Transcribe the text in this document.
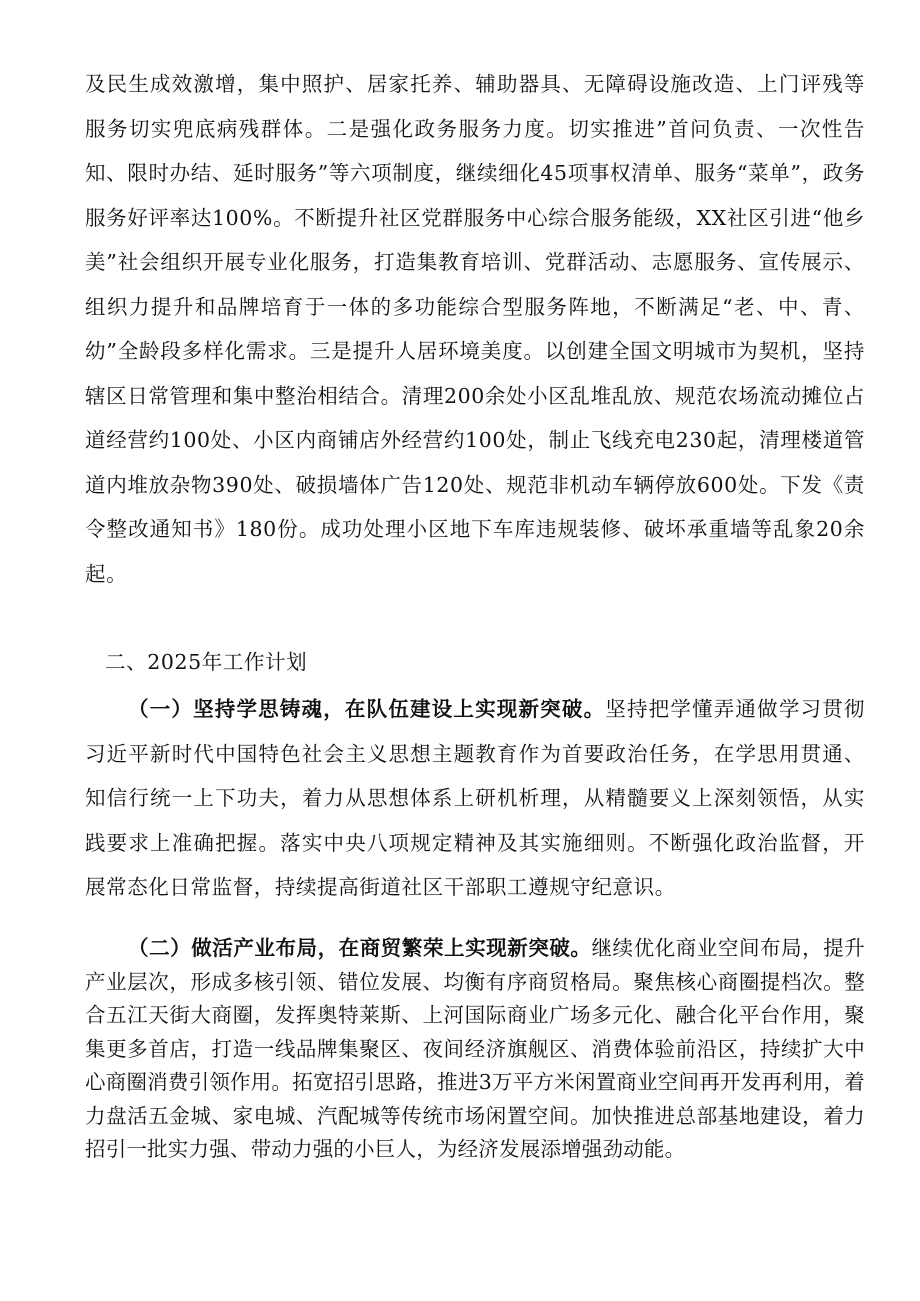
及民生成效激增，集中照护、居家托养、辅助器具、无障碍设施改造、上门评残等服务切实兜底病残群体。二是强化政务服务力度。切实推进”首问负责、一次性告知、限时办结、延时服务”等六项制度，继续细化45项事权清单、服务“菜单”，政务服务好评率达100%。不断提升社区党群服务中心综合服务能级，XX社区引进“他乡美”社会组织开展专业化服务，打造集教育培训、党群活动、志愿服务、宣传展示、组织力提升和品牌培育于一体的多功能综合型服务阵地，不断满足“老、中、青、幼”全龄段多样化需求。三是提升人居环境美度。以创建全国文明城市为契机，坚持辖区日常管理和集中整治相结合。清理200余处小区乱堆乱放、规范农场流动摊位占道经营约100处、小区内商铺店外经营约100处，制止飞线充电230起，清理楼道管道内堆放杂物390处、破损墙体广告120处、规范非机动车辆停放600处。下发《责令整改通知书》180份。成功处理小区地下车库违规装修、破坏承重墙等乱象20余起。

二、2025年工作计划

（一）坚持学思铸魂，在队伍建设上实现新突破。坚持把学懂弄通做学习贯彻习近平新时代中国特色社会主义思想主题教育作为首要政治任务，在学思用贯通、知信行统一上下功夫，着力从思想体系上研机析理，从精髓要义上深刻领悟，从实践要求上准确把握。落实中央八项规定精神及其实施细则。不断强化政治监督，开展常态化日常监督，持续提高街道社区干部职工遵规守纪意识。

（二）做活产业布局，在商贸繁荣上实现新突破。继续优化商业空间布局，提升产业层次，形成多核引领、错位发展、均衡有序商贸格局。聚焦核心商圈提档次。整合五江天街大商圈，发挥奥特莱斯、上河国际商业广场多元化、融合化平台作用，聚集更多首店，打造一线品牌集聚区、夜间经济旗舰区、消费体验前沿区，持续扩大中心商圈消费引领作用。拓宽招引思路，推进3万平方米闲置商业空间再开发再利用，着力盘活五金城、家电城、汽配城等传统市场闲置空间。加快推进总部基地建设，着力招引一批实力强、带动力强的小巨人，为经济发展添增强劲动能。
